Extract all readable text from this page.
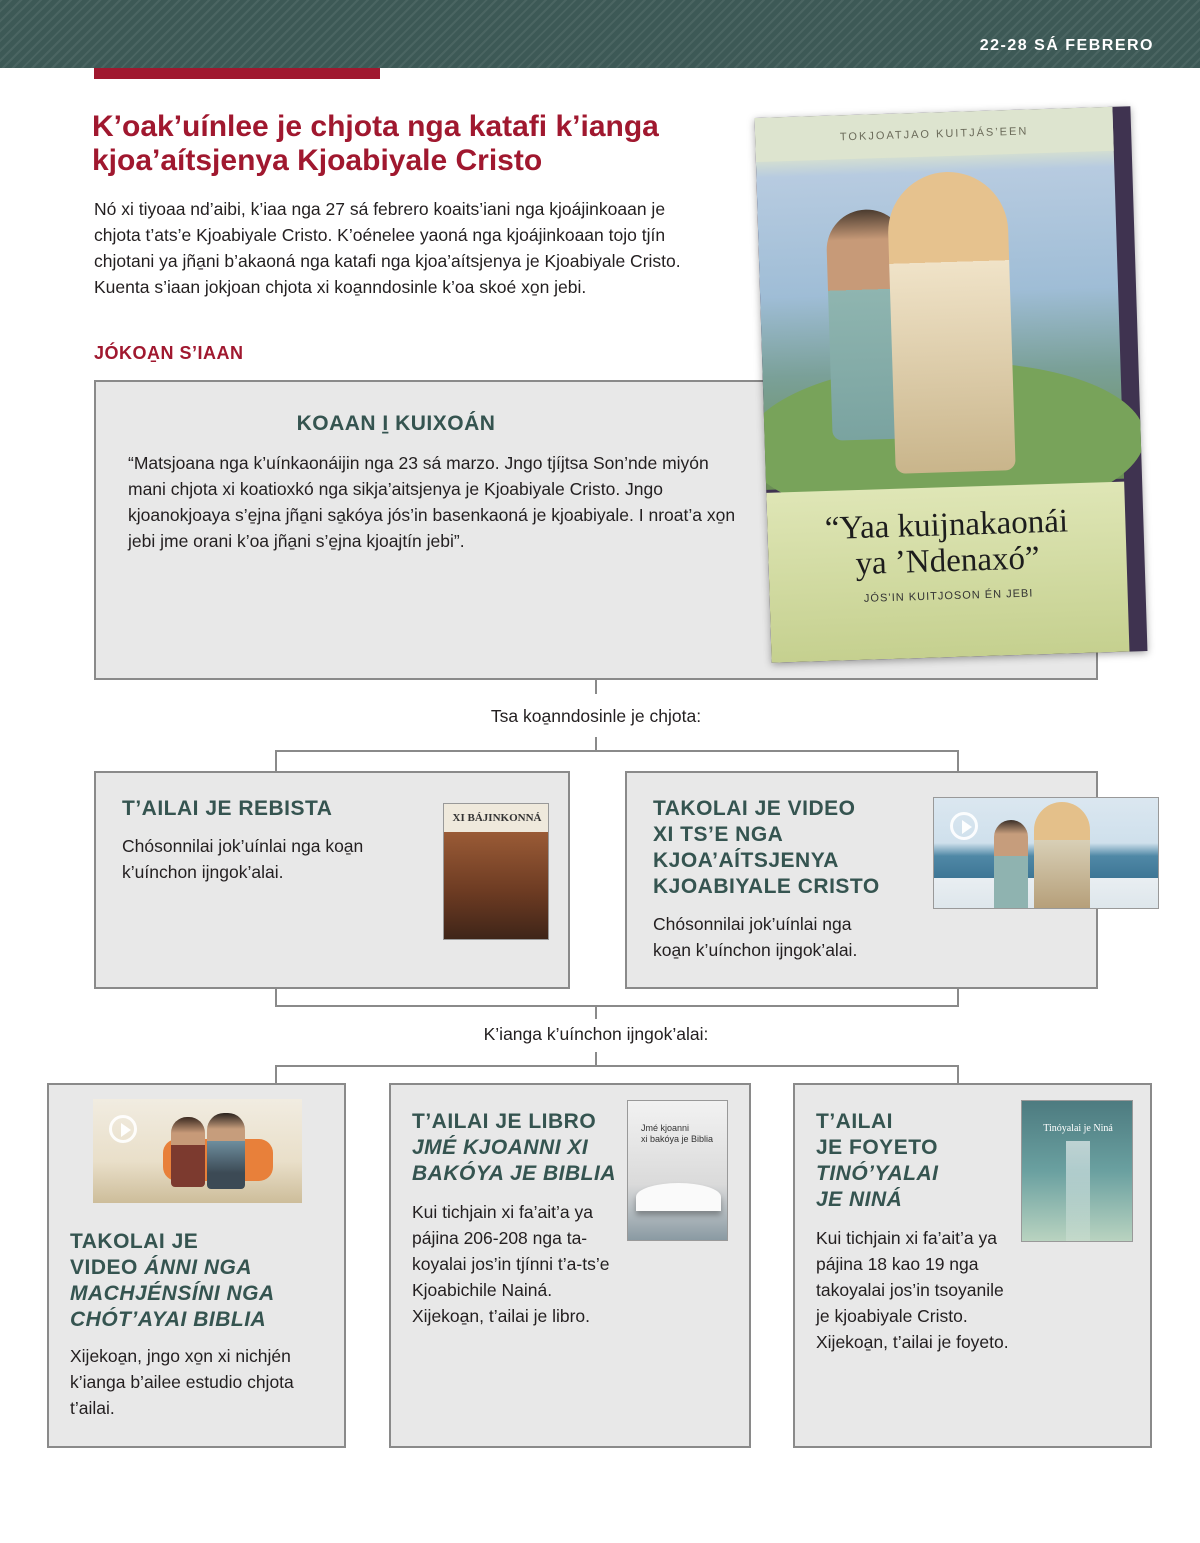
22-28 SÁ FEBRERO
K’oak’uínlee je chjota nga katafi k’ianga
kjoa’aítsjenya Kjoabiyale Cristo
Nó xi tiyoaa nd’aibi, k’iaa nga 27 sá febrero koaits’iani nga kjoájinkoaan je chjota t’ats’e Kjoabiyale Cristo. K’oénelee yaoná nga kjoájinkoaan tojo tjín chjotani ya jña̱ni b’akaoná nga katafi nga kjoa’aítsjenya je Kjoabiyale Cristo. Kuenta s’iaan jokjoan chjota xi koa̱nndosinle k’oa skoé xo̱n jebi.
JÓKOA̱N S’IAAN
KOAAN I̱ KUIXOÁN
“Matsjoana nga k’uínkaonáijin nga 23 sá marzo. Jngo tjíjtsa Son’nde miyón mani chjota xi koatioxkó nga sikja’aitsjenya je Kjoabiyale Cristo. Jngo kjoanokjoaya s’e̱jna jña̱ni sa̱kóya jós’in basenkaoná je kjoabiyale. I nroat’a xo̱n jebi jme orani k’oa jña̱ni s’e̱jna kjoajtín jebi”.
TOKJOATJAO KUITJÁS’EEN
“Yaa kuijnakaonái
ya ’Ndenaxó”
JÓS’IN KUITJOSON ÉN JEBI
Tsa koa̱nndosinle je chjota:
T’AILAI JE REBISTA

Chósonnilai jok’uínlai nga koa̱n k’uínchon ijngok’alai.

XI BÁJINKONNÁ	TAKOLAI JE VIDEO
XI TS’E NGA
KJOA’AÍTSJENYA
KJOABIYALE CRISTO

Chósonnilai jok’uínlai nga koa̱n k’uínchon ijngok’alai.

K’ianga k’uínchon ijngok’alai:
TAKOLAI JE
VIDEO ÁNNI NGA
MACHJÉNSÍNI NGA
CHÓT’AYAI BIBLIA

Xijekoa̱n, jngo xo̱n xi nichjén k’ianga b’ailee estudio chjota t’ailai.

T’AILAI JE LIBRO
JMÉ KJOANNI XI
BAKÓYA JE BIBLIA

Kui tichjain xi fa’ait’a ya pájina 206-208 nga ta-koyalai jos’in tjínni t’a-ts’e Kjoabichile Nainá. Xijekoa̱n, t’ailai je libro.

Jmé kjoanni
xi bakóya je Biblia
T’AILAI
JE FOYETO
TINÓ’YALAI
JE NINÁ

Kui tichjain xi fa’ait’a ya pájina 18 kao 19 nga takoyalai jos’in tsoyanile je kjoabiyale Cristo. Xijekoa̱n, t’ailai je foyeto.

Tinóyalai je Niná
